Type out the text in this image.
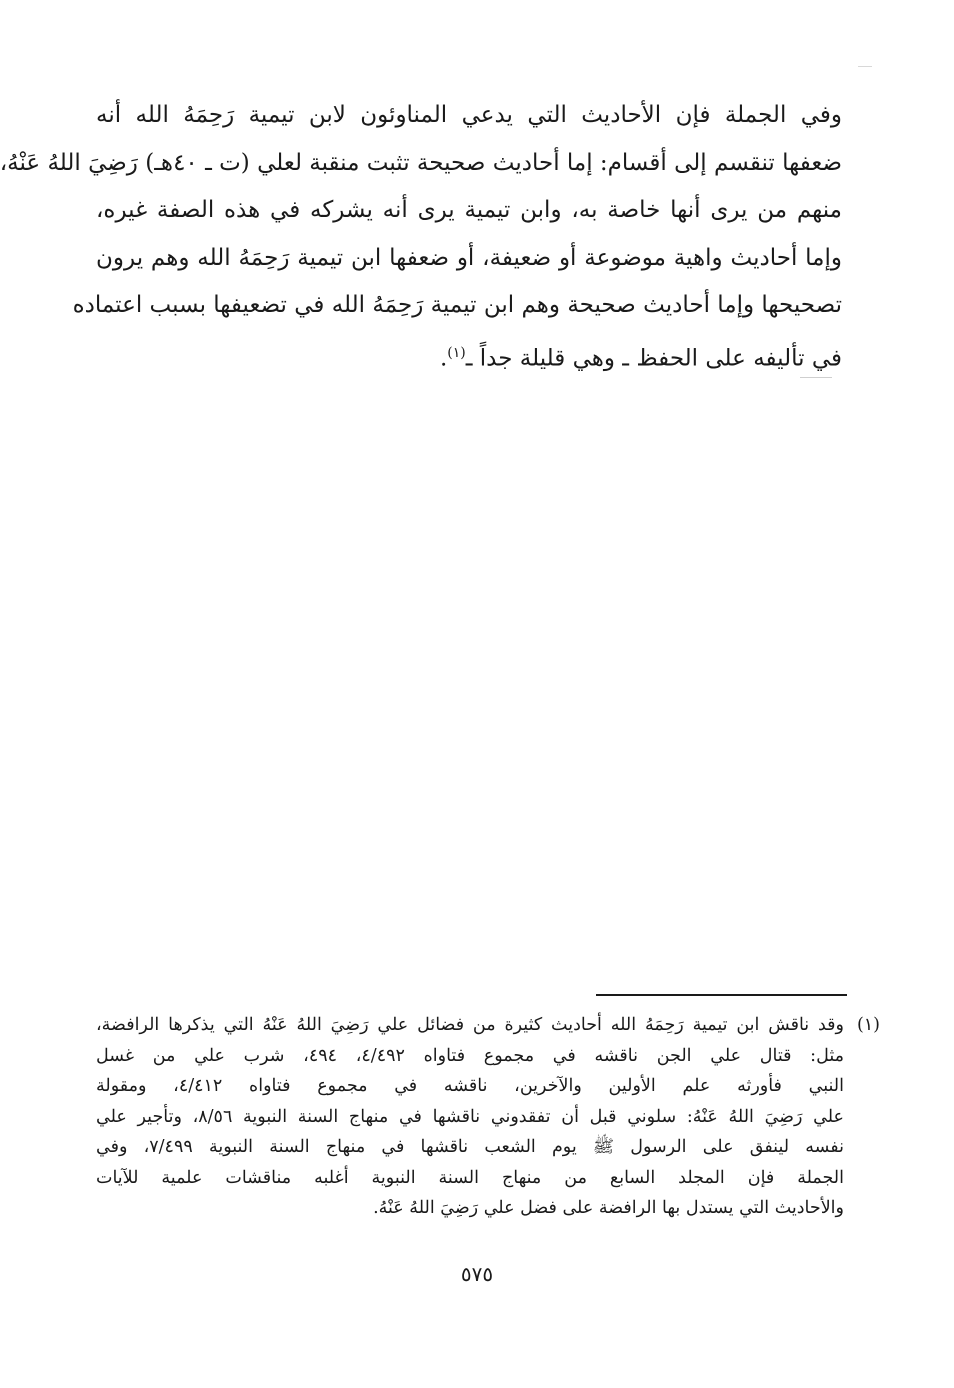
وفي الجملة فإن الأحاديث التي يدعي المناوئون لابن تيمية رَحِمَهُ الله أنه
ضعفها تنقسم إلى أقسام: إما أحاديث صحيحة تثبت منقبة لعلي (ت ـ ٤٠هـ) رَضِيَ اللهُ عَنْهُ،
منهم من يرى أنها خاصة به، وابن تيمية يرى أنه يشركه في هذه الصفة غيره،
وإما أحاديث واهية موضوعة أو ضعيفة، أو ضعفها ابن تيمية رَحِمَهُ الله وهم يرون
تصحيحها وإما أحاديث صحيحة وهم ابن تيمية رَحِمَهُ الله في تضعيفها بسبب اعتماده
في تأليفه على الحفظ ـ وهي قليلة جداً ـ$^{(١)}$.
(١)
وقد ناقش ابن تيمية رَحِمَهُ الله أحاديث كثيرة من فضائل علي رَضِيَ اللهُ عَنْهُ التي يذكرها الرافضة،
مثل: قتال علي الجن ناقشه في مجموع فتاواه ٤/٤٩٢، ٤٩٤، شرب علي من غسل
النبي فأورثه علم الأولين والآخرين، ناقشه في مجموع فتاواه ٤/٤١٢، ومقولة
علي رَضِيَ اللهُ عَنْهُ: سلوني قبل أن تفقدوني ناقشها في منهاج السنة النبوية ٨/٥٦، وتأجير علي
نفسه لينفق على الرسول ﷺ يوم الشعب ناقشها في منهاج السنة النبوية ٧/٤٩٩، وفي
الجملة فإن المجلد السابع من منهاج السنة النبوية أغلبه مناقشات علمية للآيات
والأحاديث التي يستدل بها الرافضة على فضل علي رَضِيَ اللهُ عَنْهُ.
٥٧٥
